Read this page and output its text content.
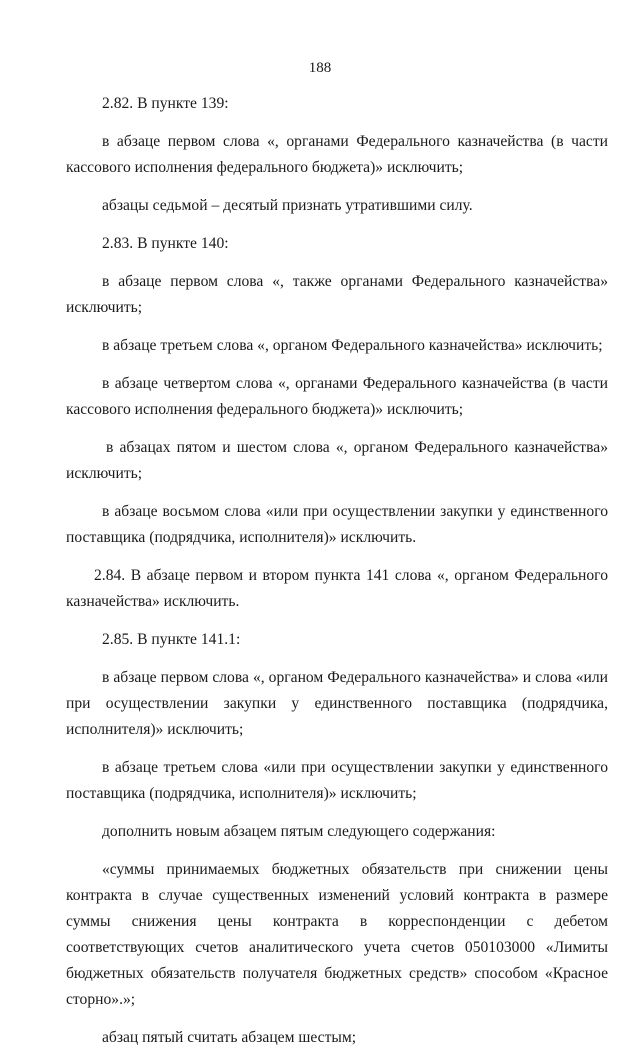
188

2.82. В пункте 139:

в абзаце первом слова «, органами Федерального казначейства (в части кассового исполнения федерального бюджета)» исключить;

абзацы седьмой – десятый признать утратившими силу.

2.83. В пункте 140:

в абзаце первом слова «, также органами Федерального казначейства» исключить;

в абзаце третьем слова «, органом Федерального казначейства» исключить;

в абзаце четвертом слова «, органами Федерального казначейства (в части кассового исполнения федерального бюджета)» исключить;

в абзацах пятом и шестом слова «, органом Федерального казначейства» исключить;

в абзаце восьмом слова «или при осуществлении закупки у единственного поставщика (подрядчика, исполнителя)» исключить.

2.84. В абзаце первом и втором пункта 141 слова «, органом Федерального казначейства» исключить.

2.85. В пункте 141.1:

в абзаце первом слова «, органом Федерального казначейства» и слова «или при осуществлении закупки у единственного поставщика (подрядчика, исполнителя)» исключить;

в абзаце третьем слова «или при осуществлении закупки у единственного поставщика (подрядчика, исполнителя)» исключить;

дополнить новым абзацем пятым следующего содержания:

«суммы принимаемых бюджетных обязательств при снижении цены контракта в случае существенных изменений условий контракта в размере суммы снижения цены контракта в корреспонденции с дебетом соответствующих счетов аналитического учета счетов 050103000 «Лимиты бюджетных обязательств получателя бюджетных средств» способом «Красное сторно».»;

абзац пятый считать абзацем шестым;
